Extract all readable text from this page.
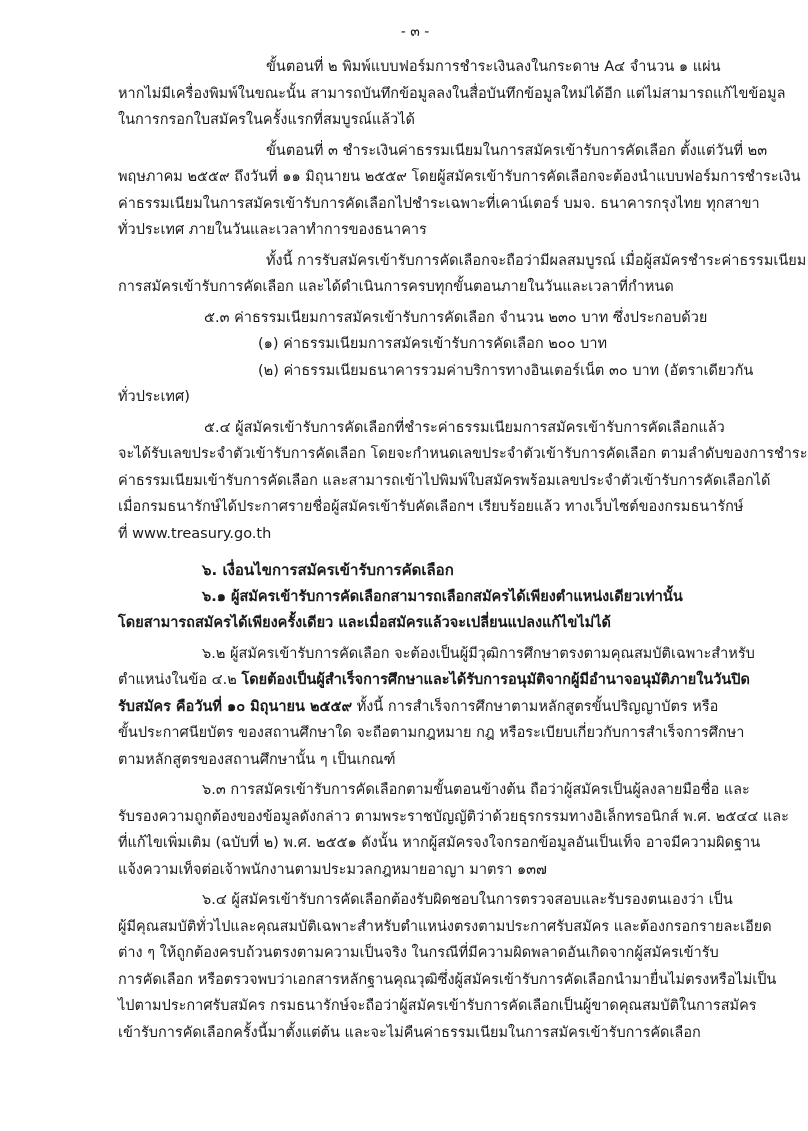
- ๓ -
ขั้นตอนที่ ๒ พิมพ์แบบฟอร์มการชำระเงินลงในกระดาษ A๔ จำนวน ๑ แผ่น
หากไม่มีเครื่องพิมพ์ในขณะนั้น สามารถบันทึกข้อมูลลงในสื่อบันทึกข้อมูลใหม่ได้อีก แต่ไม่สามารถแก้ไขข้อมูล
ในการกรอกใบสมัครในครั้งแรกที่สมบูรณ์แล้วได้
ขั้นตอนที่ ๓ ชำระเงินค่าธรรมเนียมในการสมัครเข้ารับการคัดเลือก ตั้งแต่วันที่ ๒๓
พฤษภาคม ๒๕๕๙ ถึงวันที่ ๑๑ มิถุนายน ๒๕๕๙ โดยผู้สมัครเข้ารับการคัดเลือกจะต้องนำแบบฟอร์มการชำระเงิน
ค่าธรรมเนียมในการสมัครเข้ารับการคัดเลือกไปชำระเฉพาะที่เคาน์เตอร์ บมจ. ธนาคารกรุงไทย ทุกสาขา
ทั่วประเทศ ภายในวันและเวลาทำการของธนาคาร
ทั้งนี้ การรับสมัครเข้ารับการคัดเลือกจะถือว่ามีผลสมบูรณ์ เมื่อผู้สมัครชำระค่าธรรมเนียม
การสมัครเข้ารับการคัดเลือก และได้ดำเนินการครบทุกขั้นตอนภายในวันและเวลาที่กำหนด
๕.๓ ค่าธรรมเนียมการสมัครเข้ารับการคัดเลือก จำนวน ๒๓๐ บาท ซึ่งประกอบด้วย
(๑) ค่าธรรมเนียมการสมัครเข้ารับการคัดเลือก ๒๐๐ บาท
(๒) ค่าธรรมเนียมธนาคารรวมค่าบริการทางอินเตอร์เน็ต ๓๐ บาท (อัตราเดียวกัน
ทั่วประเทศ)
๕.๔ ผู้สมัครเข้ารับการคัดเลือกที่ชำระค่าธรรมเนียมการสมัครเข้ารับการคัดเลือกแล้ว
จะได้รับเลขประจำตัวเข้ารับการคัดเลือก โดยจะกำหนดเลขประจำตัวเข้ารับการคัดเลือก ตามลำดับของการชำระ
ค่าธรรมเนียมเข้ารับการคัดเลือก และสามารถเข้าไปพิมพ์ใบสมัครพร้อมเลขประจำตัวเข้ารับการคัดเลือกได้
เมื่อกรมธนารักษ์ได้ประกาศรายชื่อผู้สมัครเข้ารับคัดเลือกฯ เรียบร้อยแล้ว ทางเว็บไซต์ของกรมธนารักษ์
ที่ www.treasury.go.th
๖. เงื่อนไขการสมัครเข้ารับการคัดเลือก
๖.๑ ผู้สมัครเข้ารับการคัดเลือกสามารถเลือกสมัครได้เพียงตำแหน่งเดียวเท่านั้น
โดยสามารถสมัครได้เพียงครั้งเดียว และเมื่อสมัครแล้วจะเปลี่ยนแปลงแก้ไขไม่ได้
๖.๒ ผู้สมัครเข้ารับการคัดเลือก จะต้องเป็นผู้มีวุฒิการศึกษาตรงตามคุณสมบัติเฉพาะสำหรับ
ตำแหน่งในข้อ ๔.๒ โดยต้องเป็นผู้สำเร็จการศึกษาและได้รับการอนุมัติจากผู้มีอำนาจอนุมัติภายในวันปิด
รับสมัคร คือวันที่ ๑๐ มิถุนายน ๒๕๕๙ ทั้งนี้ การสำเร็จการศึกษาตามหลักสูตรขั้นปริญญาบัตร หรือ
ขั้นประกาศนียบัตร ของสถานศึกษาใด จะถือตามกฎหมาย กฎ หรือระเบียบเกี่ยวกับการสำเร็จการศึกษา
ตามหลักสูตรของสถานศึกษานั้น ๆ เป็นเกณฑ์
๖.๓ การสมัครเข้ารับการคัดเลือกตามขั้นตอนข้างต้น ถือว่าผู้สมัครเป็นผู้ลงลายมือชื่อ และ
รับรองความถูกต้องของข้อมูลดังกล่าว ตามพระราชบัญญัติว่าด้วยธุรกรรมทางอิเล็กทรอนิกส์ พ.ศ. ๒๕๔๔ และ
ที่แก้ไขเพิ่มเติม (ฉบับที่ ๒) พ.ศ. ๒๕๕๑ ดังนั้น หากผู้สมัครจงใจกรอกข้อมูลอันเป็นเท็จ อาจมีความผิดฐาน
แจ้งความเท็จต่อเจ้าพนักงานตามประมวลกฎหมายอาญา มาตรา ๑๓๗
๖.๔ ผู้สมัครเข้ารับการคัดเลือกต้องรับผิดชอบในการตรวจสอบและรับรองตนเองว่า เป็น
ผู้มีคุณสมบัติทั่วไปและคุณสมบัติเฉพาะสำหรับตำแหน่งตรงตามประกาศรับสมัคร และต้องกรอกรายละเอียด
ต่าง ๆ ให้ถูกต้องครบถ้วนตรงตามความเป็นจริง ในกรณีที่มีความผิดพลาดอันเกิดจากผู้สมัครเข้ารับ
การคัดเลือก หรือตรวจพบว่าเอกสารหลักฐานคุณวุฒิซึ่งผู้สมัครเข้ารับการคัดเลือกนำมายื่นไม่ตรงหรือไม่เป็น
ไปตามประกาศรับสมัคร กรมธนารักษ์จะถือว่าผู้สมัครเข้ารับการคัดเลือกเป็นผู้ขาดคุณสมบัติในการสมัคร
เข้ารับการคัดเลือกครั้งนี้มาตั้งแต่ต้น และจะไม่คืนค่าธรรมเนียมในการสมัครเข้ารับการคัดเลือก
